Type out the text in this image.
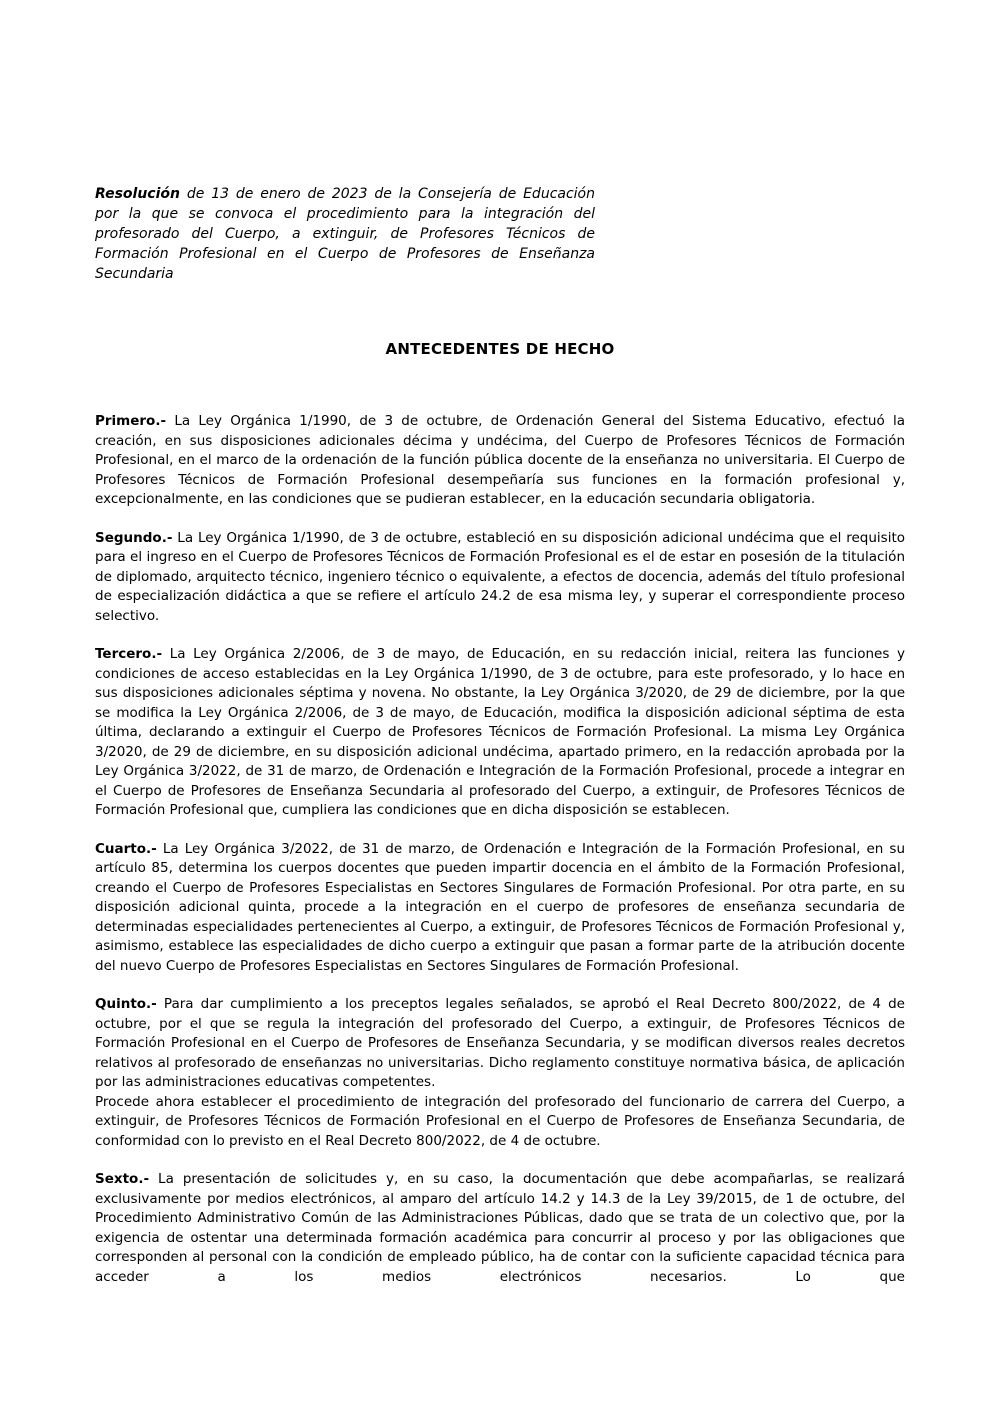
Resolución de 13 de enero de 2023 de la Consejería de Educación por la que se convoca el procedimiento para la integración del profesorado del Cuerpo, a extinguir, de Profesores Técnicos de Formación Profesional en el Cuerpo de Profesores de Enseñanza Secundaria

ANTECEDENTES DE HECHO

Primero.- La Ley Orgánica 1/1990, de 3 de octubre, de Ordenación General del Sistema Educativo, efectuó la creación, en sus disposiciones adicionales décima y undécima, del Cuerpo de Profesores Técnicos de Formación Profesional, en el marco de la ordenación de la función pública docente de la enseñanza no universitaria. El Cuerpo de Profesores Técnicos de Formación Profesional desempeñaría sus funciones en la formación profesional y, excepcionalmente, en las condiciones que se pudieran establecer, en la educación secundaria obligatoria.

Segundo.- La Ley Orgánica 1/1990, de 3 de octubre, estableció en su disposición adicional undécima que el requisito para el ingreso en el Cuerpo de Profesores Técnicos de Formación Profesional es el de estar en posesión de la titulación de diplomado, arquitecto técnico, ingeniero técnico o equivalente, a efectos de docencia, además del título profesional de especialización didáctica a que se refiere el artículo 24.2 de esa misma ley, y superar el correspondiente proceso selectivo.

Tercero.- La Ley Orgánica 2/2006, de 3 de mayo, de Educación, en su redacción inicial, reitera las funciones y condiciones de acceso establecidas en la Ley Orgánica 1/1990, de 3 de octubre, para este profesorado, y lo hace en sus disposiciones adicionales séptima y novena. No obstante, la Ley Orgánica 3/2020, de 29 de diciembre, por la que se modifica la Ley Orgánica 2/2006, de 3 de mayo, de Educación, modifica la disposición adicional séptima de esta última, declarando a extinguir el Cuerpo de Profesores Técnicos de Formación Profesional. La misma Ley Orgánica 3/2020, de 29 de diciembre, en su disposición adicional undécima, apartado primero, en la redacción aprobada por la Ley Orgánica 3/2022, de 31 de marzo, de Ordenación e Integración de la Formación Profesional, procede a integrar en el Cuerpo de Profesores de Enseñanza Secundaria al profesorado del Cuerpo, a extinguir, de Profesores Técnicos de Formación Profesional que, cumpliera las condiciones que en dicha disposición se establecen.

Cuarto.- La Ley Orgánica 3/2022, de 31 de marzo, de Ordenación e Integración de la Formación Profesional, en su artículo 85, determina los cuerpos docentes que pueden impartir docencia en el ámbito de la Formación Profesional, creando el Cuerpo de Profesores Especialistas en Sectores Singulares de Formación Profesional. Por otra parte, en su disposición adicional quinta, procede a la integración en el cuerpo de profesores de enseñanza secundaria de determinadas especialidades pertenecientes al Cuerpo, a extinguir, de Profesores Técnicos de Formación Profesional y, asimismo, establece las especialidades de dicho cuerpo a extinguir que pasan a formar parte de la atribución docente del nuevo Cuerpo de Profesores Especialistas en Sectores Singulares de Formación Profesional.

Quinto.- Para dar cumplimiento a los preceptos legales señalados, se aprobó el Real Decreto 800/2022, de 4 de octubre, por el que se regula la integración del profesorado del Cuerpo, a extinguir, de Profesores Técnicos de Formación Profesional en el Cuerpo de Profesores de Enseñanza Secundaria, y se modifican diversos reales decretos relativos al profesorado de enseñanzas no universitarias. Dicho reglamento constituye normativa básica, de aplicación por las administraciones educativas competentes.
Procede ahora establecer el procedimiento de integración del profesorado del funcionario de carrera del Cuerpo, a extinguir, de Profesores Técnicos de Formación Profesional en el Cuerpo de Profesores de Enseñanza Secundaria, de conformidad con lo previsto en el Real Decreto 800/2022, de 4 de octubre.

Sexto.- La presentación de solicitudes y, en su caso, la documentación que debe acompañarlas, se realizará exclusivamente por medios electrónicos, al amparo del artículo 14.2 y 14.3 de la Ley 39/2015, de 1 de octubre, del Procedimiento Administrativo Común de las Administraciones Públicas, dado que se trata de un colectivo que, por la exigencia de ostentar una determinada formación académica para concurrir al proceso y por las obligaciones que corresponden al personal con la condición de empleado público, ha de contar con la suficiente capacidad técnica para acceder a los medios electrónicos necesarios. Lo que
